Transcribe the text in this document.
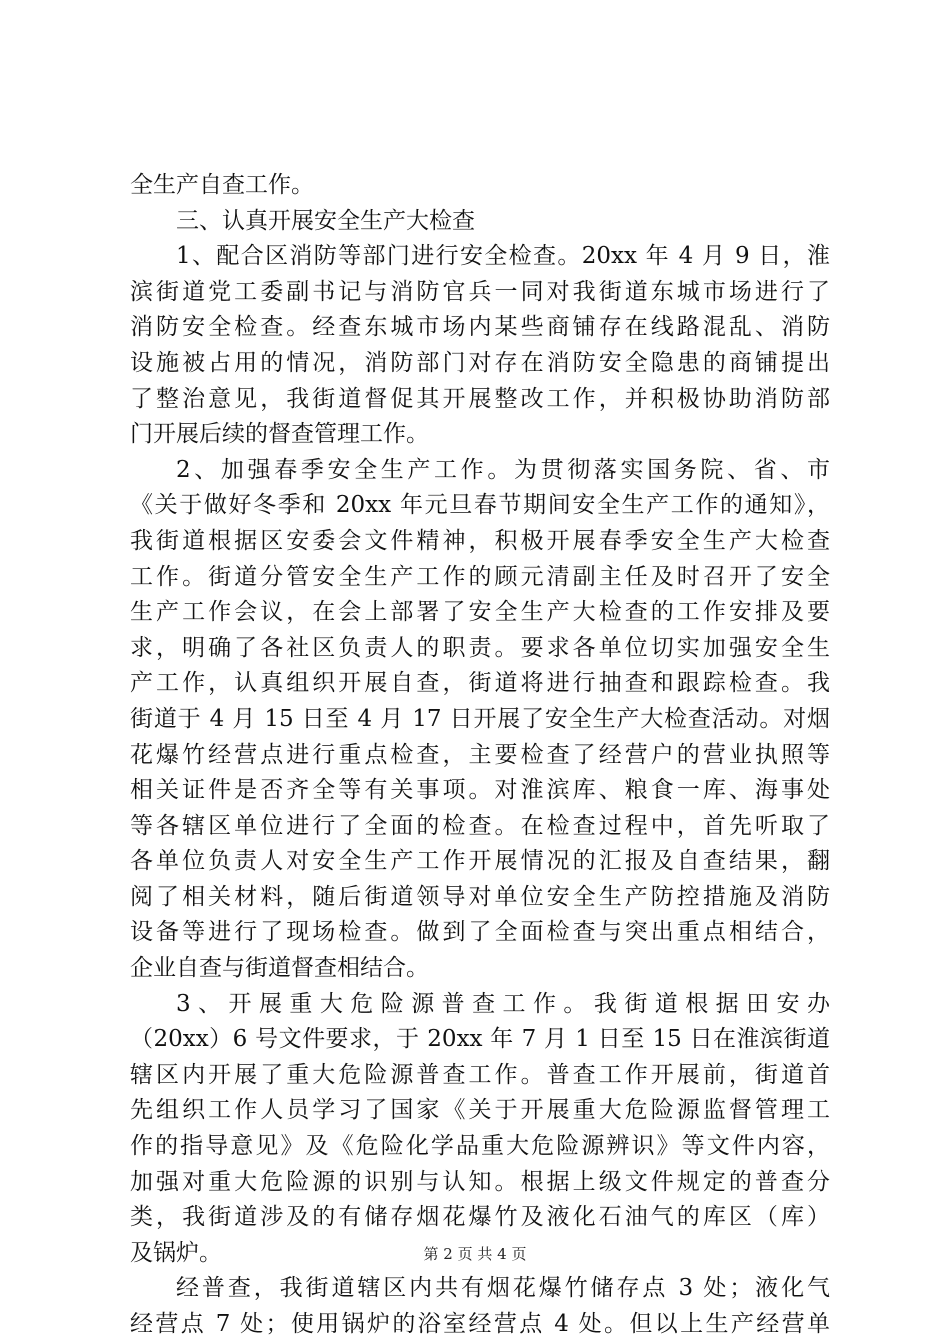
全生产自查工作。
三、认真开展安全生产大检查
1、配合区消防等部门进行安全检查。20xx 年 4 月 9 日，淮
滨街道党工委副书记与消防官兵一同对我街道东城市场进行了
消防安全检查。经查东城市场内某些商铺存在线路混乱、消防
设施被占用的情况，消防部门对存在消防安全隐患的商铺提出
了整治意见，我街道督促其开展整改工作，并积极协助消防部
门开展后续的督查管理工作。
2、加强春季安全生产工作。为贯彻落实国务院、省、市
《关于做好冬季和 20xx 年元旦春节期间安全生产工作的通知》，
我街道根据区安委会文件精神，积极开展春季安全生产大检查
工作。街道分管安全生产工作的顾元清副主任及时召开了安全
生产工作会议，在会上部署了安全生产大检查的工作安排及要
求，明确了各社区负责人的职责。要求各单位切实加强安全生
产工作，认真组织开展自查，街道将进行抽查和跟踪检查。我
街道于 4 月 15 日至 4 月 17 日开展了安全生产大检查活动。对烟
花爆竹经营点进行重点检查，主要检查了经营户的营业执照等
相关证件是否齐全等有关事项。对淮滨库、粮食一库、海事处
等各辖区单位进行了全面的检查。在检查过程中，首先听取了
各单位负责人对安全生产工作开展情况的汇报及自查结果，翻
阅了相关材料，随后街道领导对单位安全生产防控措施及消防
设备等进行了现场检查。做到了全面检查与突出重点相结合，
企业自查与街道督查相结合。
3、开展重大危险源普查工作。我街道根据田安办
（20xx）6 号文件要求，于 20xx 年 7 月 1 日至 15 日在淮滨街道
辖区内开展了重大危险源普查工作。普查工作开展前，街道首
先组织工作人员学习了国家《关于开展重大危险源监督管理工
作的指导意见》及《危险化学品重大危险源辨识》等文件内容，
加强对重大危险源的识别与认知。根据上级文件规定的普查分
类，我街道涉及的有储存烟花爆竹及液化石油气的库区（库）
及锅炉。
经普查，我街道辖区内共有烟花爆竹储存点 3 处；液化气
经营点 7 处；使用锅炉的浴室经营点 4 处。但以上生产经营单
第 2 页 共 4 页
